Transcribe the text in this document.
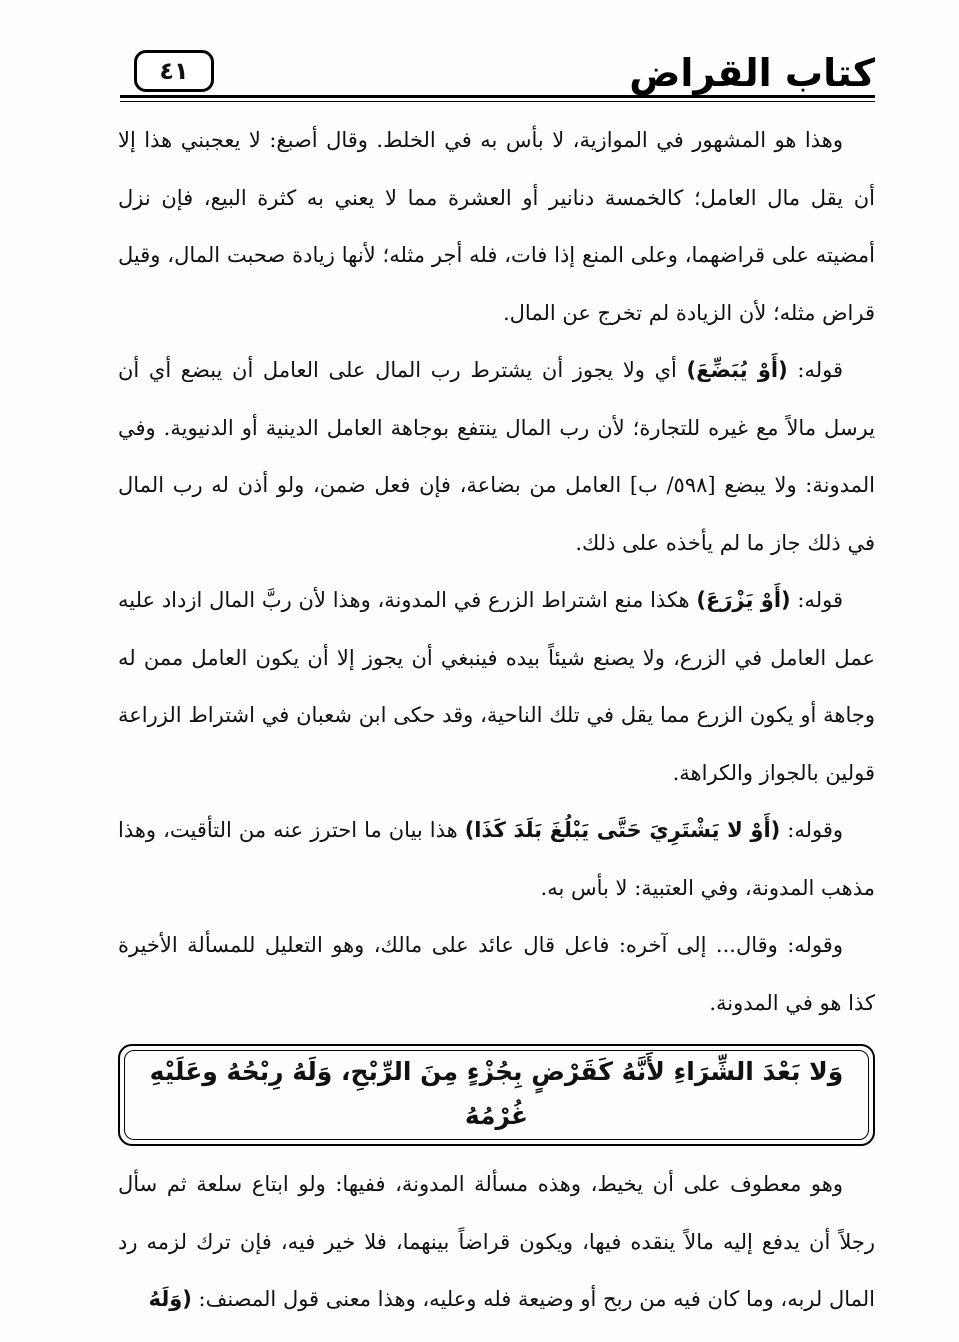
كتاب القراض
٤١

وهذا هو المشهور في الموازية، لا بأس به في الخلط. وقال أصبغ: لا يعجبني هذا إلا أن يقل مال العامل؛ كالخمسة دنانير أو العشرة مما لا يعني به كثرة البيع، فإن نزل أمضيته على قراضهما، وعلى المنع إذا فات، فله أجر مثله؛ لأنها زيادة صحبت المال، وقيل قراض مثله؛ لأن الزيادة لم تخرج عن المال.

قوله: (أَوْ يُبَضِّعَ) أي ولا يجوز أن يشترط رب المال على العامل أن يبضع أي أن يرسل مالاً مع غيره للتجارة؛ لأن رب المال ينتفع بوجاهة العامل الدينية أو الدنيوية. وفي المدونة: ولا يبضع [٥٩٨/ ب] العامل من بضاعة، فإن فعل ضمن، ولو أذن له رب المال في ذلك جاز ما لم يأخذه على ذلك.

قوله: (أَوْ يَزْرَعَ) هكذا منع اشتراط الزرع في المدونة، وهذا لأن ربَّ المال ازداد عليه عمل العامل في الزرع، ولا يصنع شيئاً بيده فينبغي أن يجوز إلا أن يكون العامل ممن له وجاهة أو يكون الزرع مما يقل في تلك الناحية، وقد حكى ابن شعبان في اشتراط الزراعة قولين بالجواز والكراهة.

وقوله: (أَوْ لا يَشْتَرِيَ حَتَّى يَبْلُغَ بَلَدَ كَذَا) هذا بيان ما احترز عنه من التأقيت، وهذا مذهب المدونة، وفي العتبية: لا بأس به.

وقوله: وقال... إلى آخره: فاعل قال عائد على مالك، وهو التعليل للمسألة الأخيرة كذا هو في المدونة.

وَلا بَعْدَ الشِّرَاءِ لأَنَّهُ كَقَرْضٍ بِجُزْءٍ مِنَ الرِّبْحِ، وَلَهُ رِبْحُهُ وعَلَيْهِ غُرْمُهُ

وهو معطوف على أن يخيط، وهذه مسألة المدونة، ففيها: ولو ابتاع سلعة ثم سأل رجلاً أن يدفع إليه مالاً ينقده فيها، ويكون قراضاً بينهما، فلا خير فيه، فإن ترك لزمه رد المال لربه، وما كان فيه من ربح أو وضيعة فله وعليه، وهذا معنى قول المصنف: (وَلَهُ
